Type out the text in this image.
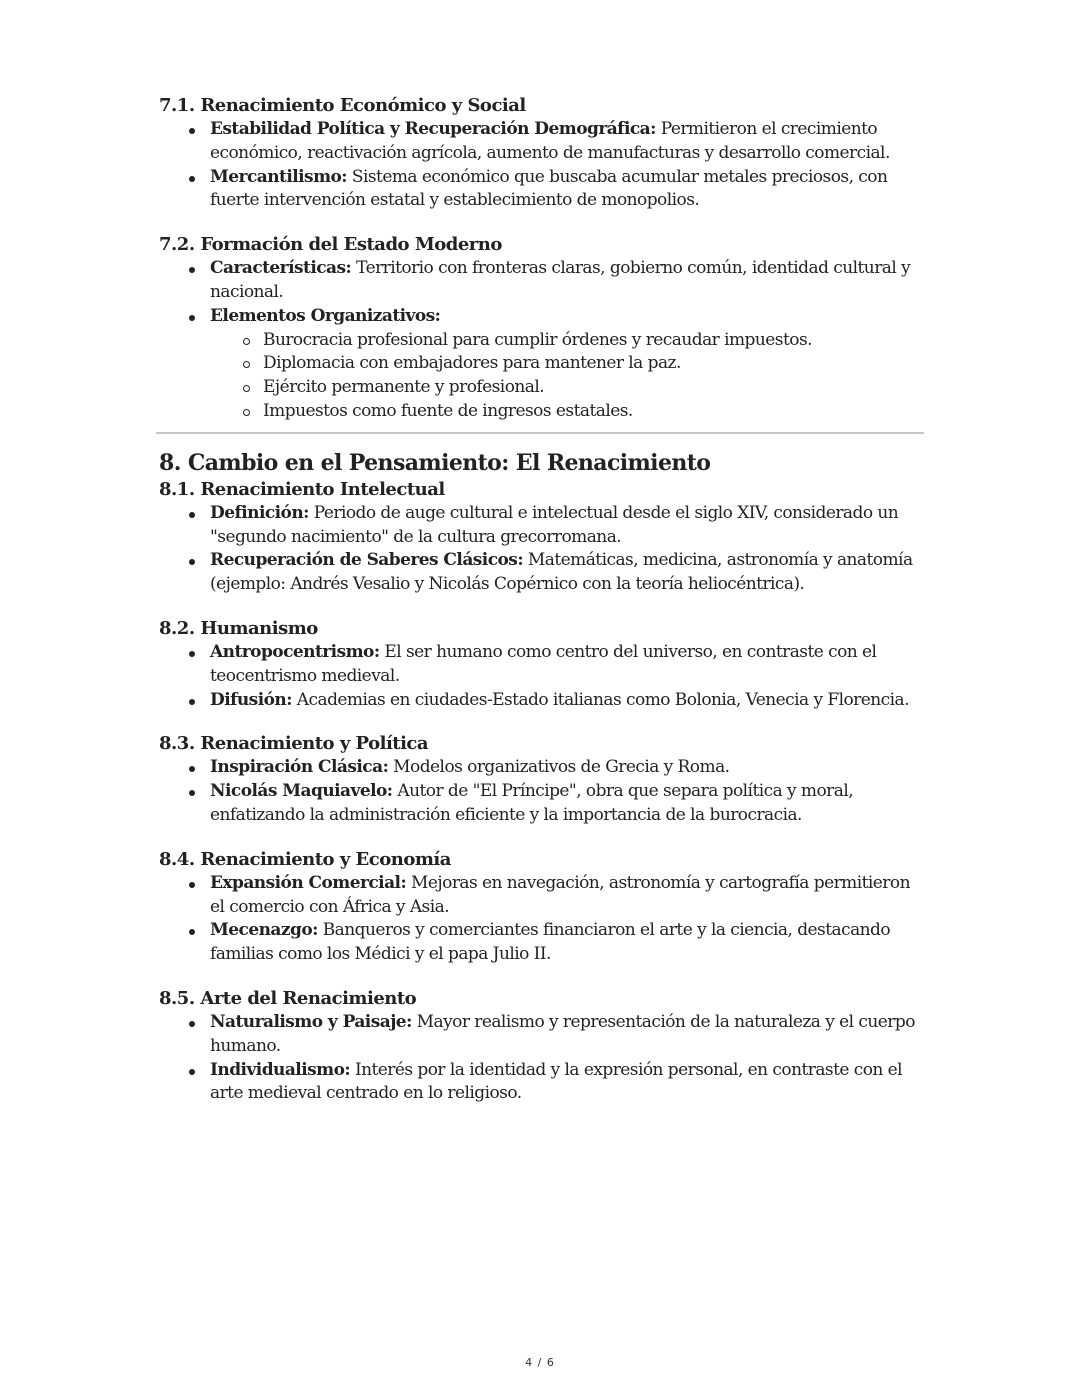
7.1. Renacimiento Económico y Social
Estabilidad Política y Recuperación Demográfica: Permitieron el crecimiento económico, reactivación agrícola, aumento de manufacturas y desarrollo comercial.
Mercantilismo: Sistema económico que buscaba acumular metales preciosos, con fuerte intervención estatal y establecimiento de monopolios.
7.2. Formación del Estado Moderno
Características: Territorio con fronteras claras, gobierno común, identidad cultural y nacional.
Elementos Organizativos:
Burocracia profesional para cumplir órdenes y recaudar impuestos.
Diplomacia con embajadores para mantener la paz.
Ejército permanente y profesional.
Impuestos como fuente de ingresos estatales.
8. Cambio en el Pensamiento: El Renacimiento
8.1. Renacimiento Intelectual
Definición: Periodo de auge cultural e intelectual desde el siglo XIV, considerado un "segundo nacimiento" de la cultura grecorromana.
Recuperación de Saberes Clásicos: Matemáticas, medicina, astronomía y anatomía (ejemplo: Andrés Vesalio y Nicolás Copérnico con la teoría heliocéntrica).
8.2. Humanismo
Antropocentrismo: El ser humano como centro del universo, en contraste con el teocentrismo medieval.
Difusión: Academias en ciudades-Estado italianas como Bolonia, Venecia y Florencia.
8.3. Renacimiento y Política
Inspiración Clásica: Modelos organizativos de Grecia y Roma.
Nicolás Maquiavelo: Autor de "El Príncipe", obra que separa política y moral, enfatizando la administración eficiente y la importancia de la burocracia.
8.4. Renacimiento y Economía
Expansión Comercial: Mejoras en navegación, astronomía y cartografía permitieron el comercio con África y Asia.
Mecenazgo: Banqueros y comerciantes financiaron el arte y la ciencia, destacando familias como los Médici y el papa Julio II.
8.5. Arte del Renacimiento
Naturalismo y Paisaje: Mayor realismo y representación de la naturaleza y el cuerpo humano.
Individualismo: Interés por la identidad y la expresión personal, en contraste con el arte medieval centrado en lo religioso.
4 / 6
